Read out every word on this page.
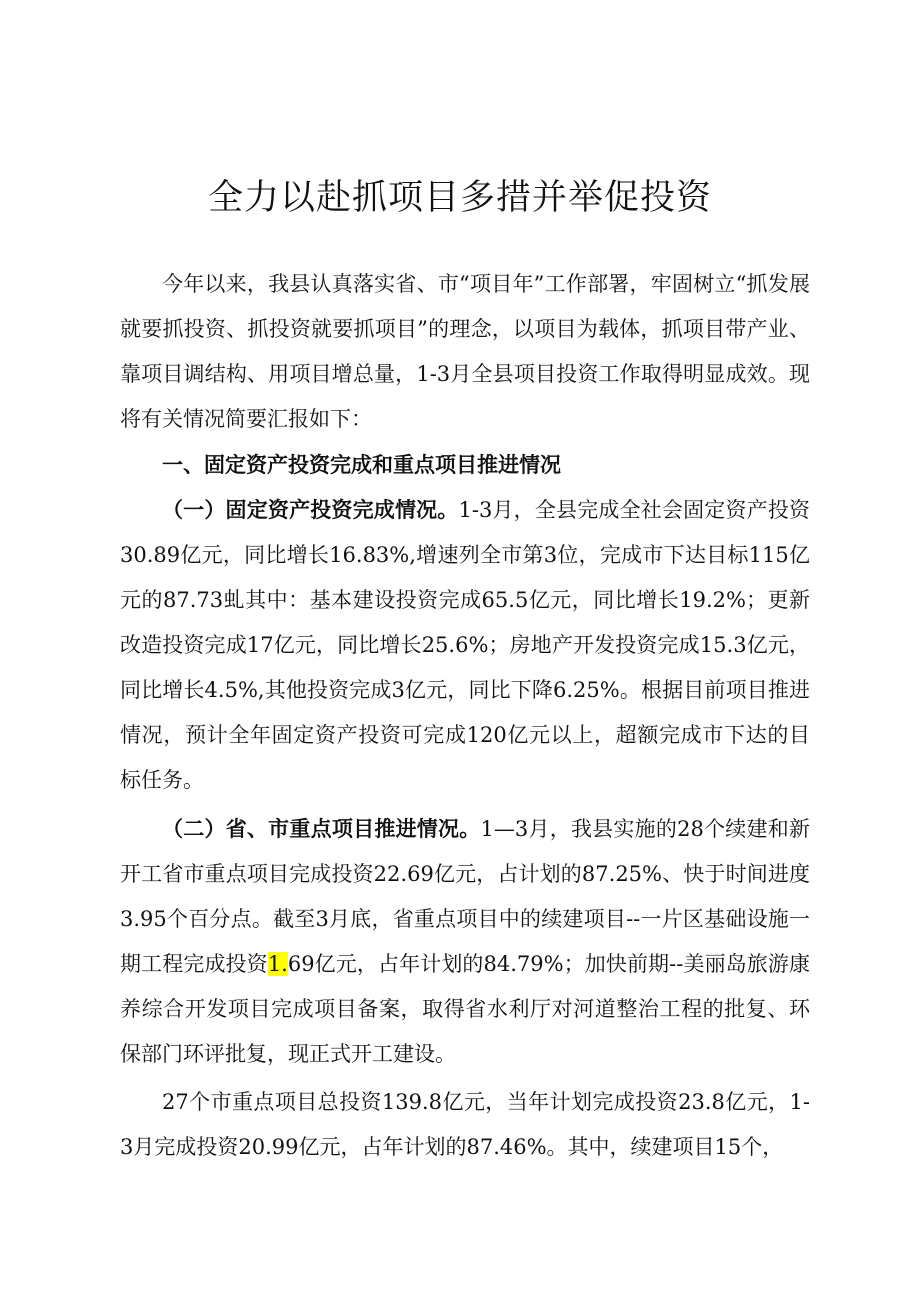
全力以赴抓项目多措并举促投资

今年以来，我县认真落实省、市“项目年”工作部署，牢固树立“抓发展就要抓投资、抓投资就要抓项目”的理念，以项目为载体，抓项目带产业、靠项目调结构、用项目增总量，1-3月全县项目投资工作取得明显成效。现将有关情况简要汇报如下：

一、固定资产投资完成和重点项目推进情况

（一）固定资产投资完成情况。1-3月，全县完成全社会固定资产投资30.89亿元，同比增长16.83%,增速列全市第3位，完成市下达目标115亿元的87.73虬其中：基本建设投资完成65.5亿元，同比增长19.2%；更新改造投资完成17亿元，同比增长25.6%；房地产开发投资完成15.3亿元，同比增长4.5%,其他投资完成3亿元，同比下降6.25%。根据目前项目推进情况，预计全年固定资产投资可完成120亿元以上，超额完成市下达的目标任务。

（二）省、市重点项目推进情况。1—3月，我县实施的28个续建和新开工省市重点项目完成投资22.69亿元，占计划的87.25%、快于时间进度3.95个百分点。截至3月底，省重点项目中的续建项目--一片区基础设施一期工程完成投资1.69亿元，占年计划的84.79%；加快前期--美丽岛旅游康养综合开发项目完成项目备案，取得省水利厅对河道整治工程的批复、环保部门环评批复，现正式开工建设。

27个市重点项目总投资139.8亿元，当年计划完成投资23.8亿元，1-3月完成投资20.99亿元，占年计划的87.46%。其中，续建项目15个，
